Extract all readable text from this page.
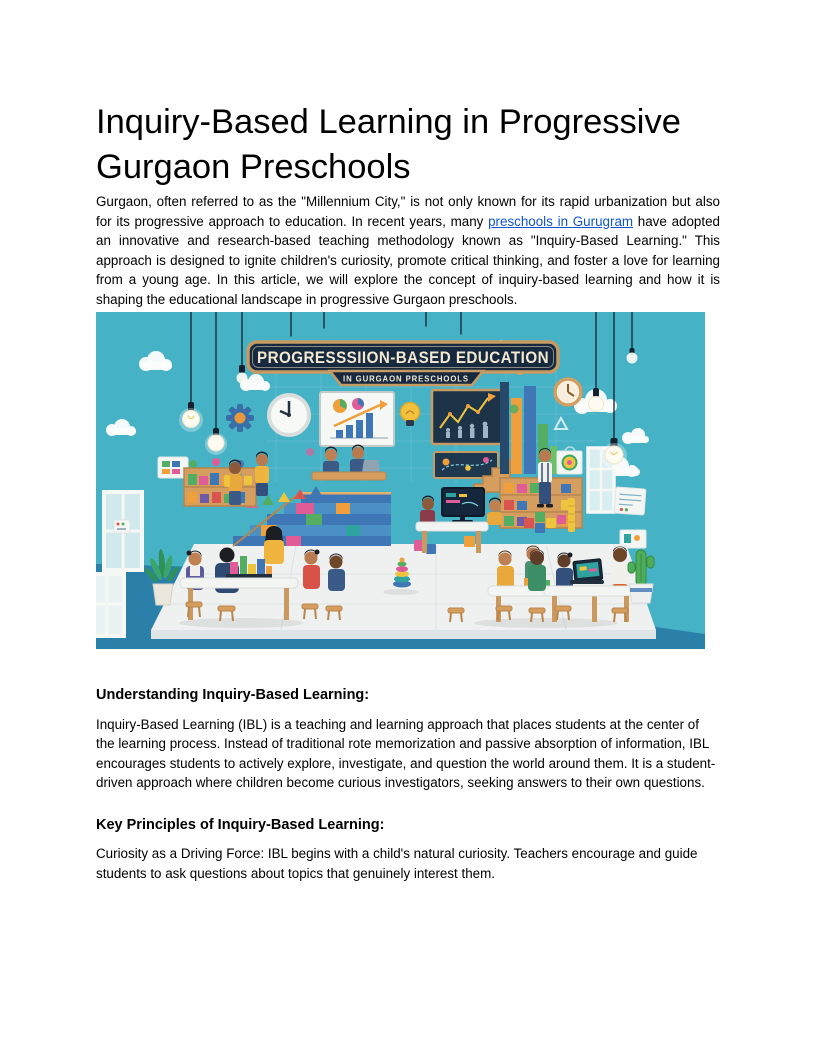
Inquiry-Based Learning in Progressive Gurgaon Preschools

Gurgaon, often referred to as the "Millennium City," is not only known for its rapid urbanization but also for its progressive approach to education. In recent years, many preschools in Gurugram have adopted an innovative and research-based teaching methodology known as "Inquiry-Based Learning." This approach is designed to ignite children's curiosity, promote critical thinking, and foster a love for learning from a young age. In this article, we will explore the concept of inquiry-based learning and how it is shaping the educational landscape in progressive Gurgaon preschools.

PROGRESSSIION-BASED EDUCATION
IN GURGAON PRESCHOOLS
Understanding Inquiry-Based Learning:

Inquiry-Based Learning (IBL) is a teaching and learning approach that places students at the center of the learning process. Instead of traditional rote memorization and passive absorption of information, IBL encourages students to actively explore, investigate, and question the world around them. It is a student-driven approach where children become curious investigators, seeking answers to their own questions.

Key Principles of Inquiry-Based Learning:

Curiosity as a Driving Force: IBL begins with a child's natural curiosity. Teachers encourage and guide students to ask questions about topics that genuinely interest them.
